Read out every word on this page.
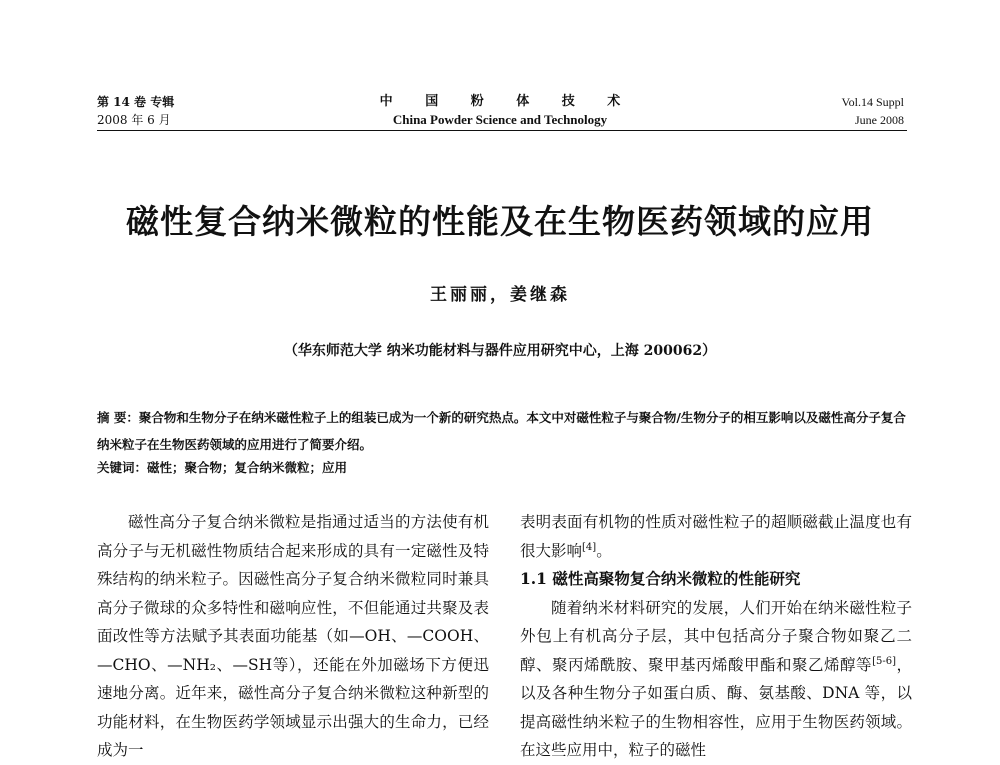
第 14 卷 专辑
2008 年 6 月
中 国 粉 体 技 术
China Powder Science and Technology
Vol.14 Suppl
June 2008
磁性复合纳米微粒的性能及在生物医药领域的应用
王丽丽，姜继森
（华东师范大学 纳米功能材料与器件应用研究中心，上海 200062）
摘 要：聚合物和生物分子在纳米磁性粒子上的组装已成为一个新的研究热点。本文中对磁性粒子与聚合物/生物分子的相互影响以及磁性高分子复合纳米粒子在生物医药领域的应用进行了简要介绍。
关键词：磁性；聚合物；复合纳米微粒；应用

磁性高分子复合纳米微粒是指通过适当的方法使有机高分子与无机磁性物质结合起来形成的具有一定磁性及特殊结构的纳米粒子。因磁性高分子复合纳米微粒同时兼具高分子微球的众多特性和磁响应性，不但能通过共聚及表面改性等方法赋予其表面功能基（如—OH、—COOH、—CHO、—NH₂、—SH等），还能在外加磁场下方便迅速地分离。近年来，磁性高分子复合纳米微粒这种新型的功能材料，在生物医药学领域显示出强大的生命力，已经成为一

表明表面有机物的性质对磁性粒子的超顺磁截止温度也有很大影响[4]。

1.1 磁性高聚物复合纳米微粒的性能研究

随着纳米材料研究的发展，人们开始在纳米磁性粒子外包上有机高分子层，其中包括高分子聚合物如聚乙二醇、聚丙烯酰胺、聚甲基丙烯酸甲酯和聚乙烯醇等[5-6]，以及各种生物分子如蛋白质、酶、氨基酸、DNA 等，以提高磁性纳米粒子的生物相容性，应用于生物医药领域。在这些应用中，粒子的磁性
